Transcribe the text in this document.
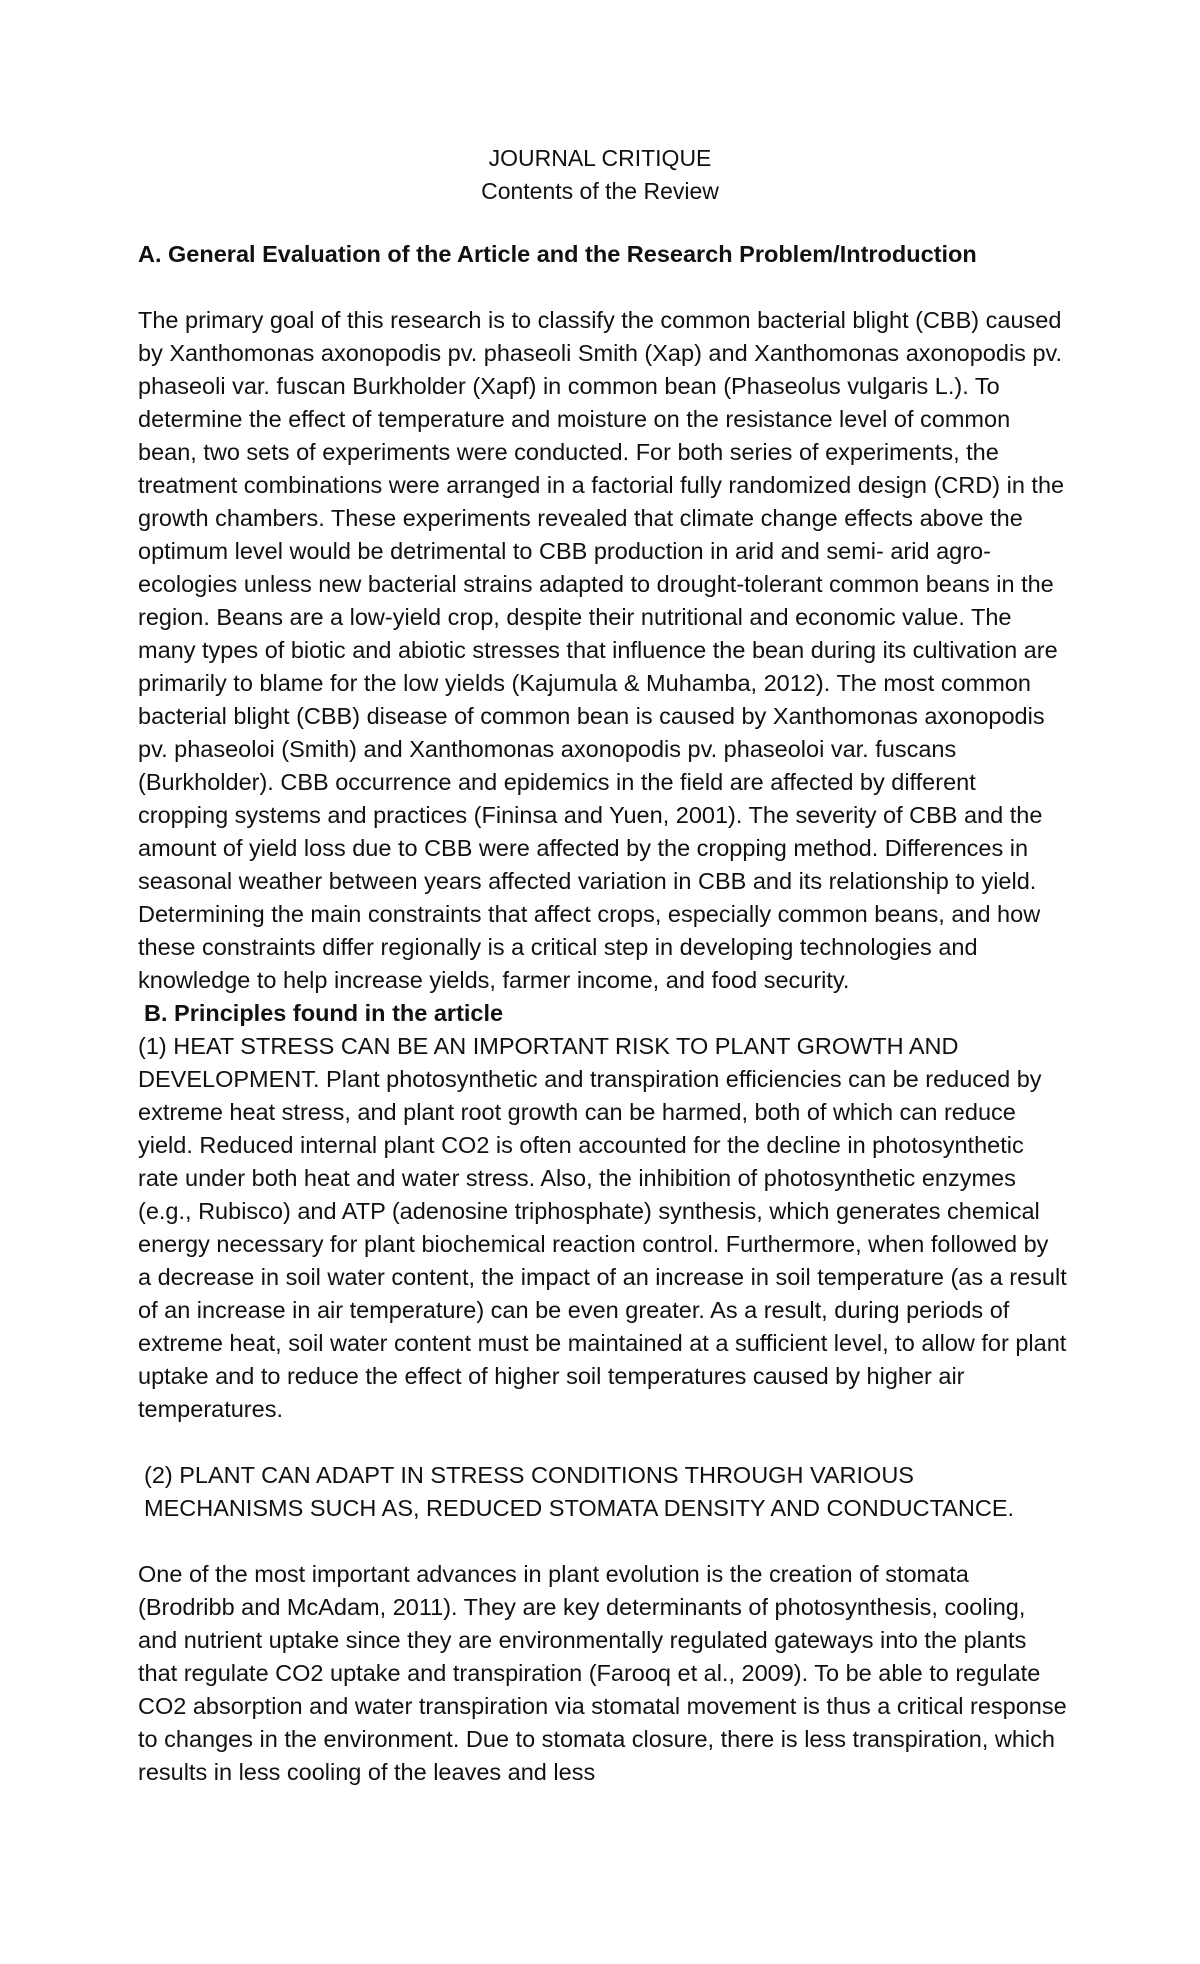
JOURNAL CRITIQUE
Contents of the Review

A. General Evaluation of the Article and the Research Problem/Introduction

The primary goal of this research is to classify the common bacterial blight (CBB) caused by Xanthomonas axonopodis pv. phaseoli Smith (Xap) and Xanthomonas axonopodis pv. phaseoli var. fuscan Burkholder (Xapf) in common bean (Phaseolus vulgaris L.). To determine the effect of temperature and moisture on the resistance level of common bean, two sets of experiments were conducted. For both series of experiments, the treatment combinations were arranged in a factorial fully randomized design (CRD) in the growth chambers. These experiments revealed that climate change effects above the optimum level would be detrimental to CBB production in arid and semi- arid agro-ecologies unless new bacterial strains adapted to drought-tolerant common beans in the region. Beans are a low-yield crop, despite their nutritional and economic value. The many types of biotic and abiotic stresses that influence the bean during its cultivation are primarily to blame for the low yields (Kajumula & Muhamba, 2012). The most common bacterial blight (CBB) disease of common bean is caused by Xanthomonas axonopodis pv. phaseoloi (Smith) and Xanthomonas axonopodis pv. phaseoloi var. fuscans (Burkholder). CBB occurrence and epidemics in the field are affected by different cropping systems and practices (Fininsa and Yuen, 2001). The severity of CBB and the amount of yield loss due to CBB were affected by the cropping method. Differences in seasonal weather between years affected variation in CBB and its relationship to yield. Determining the main constraints that affect crops, especially common beans, and how these constraints differ regionally is a critical step in developing technologies and knowledge to help increase yields, farmer income, and food security.

B. Principles found in the article

(1) HEAT STRESS CAN BE AN IMPORTANT RISK TO PLANT GROWTH AND DEVELOPMENT. Plant photosynthetic and transpiration efficiencies can be reduced by extreme heat stress, and plant root growth can be harmed, both of which can reduce yield. Reduced internal plant CO2 is often accounted for the decline in photosynthetic rate under both heat and water stress. Also, the inhibition of photosynthetic enzymes (e.g., Rubisco) and ATP (adenosine triphosphate) synthesis, which generates chemical energy necessary for plant biochemical reaction control. Furthermore, when followed by a decrease in soil water content, the impact of an increase in soil temperature (as a result of an increase in air temperature) can be even greater. As a result, during periods of extreme heat, soil water content must be maintained at a sufficient level, to allow for plant uptake and to reduce the effect of higher soil temperatures caused by higher air temperatures.

(2) PLANT CAN ADAPT IN STRESS CONDITIONS THROUGH VARIOUS MECHANISMS SUCH AS, REDUCED STOMATA DENSITY AND CONDUCTANCE.

One of the most important advances in plant evolution is the creation of stomata (Brodribb and McAdam, 2011). They are key determinants of photosynthesis, cooling, and nutrient uptake since they are environmentally regulated gateways into the plants that regulate CO2 uptake and transpiration (Farooq et al., 2009). To be able to regulate CO2 absorption and water transpiration via stomatal movement is thus a critical response to changes in the environment. Due to stomata closure, there is less transpiration, which results in less cooling of the leaves and less
